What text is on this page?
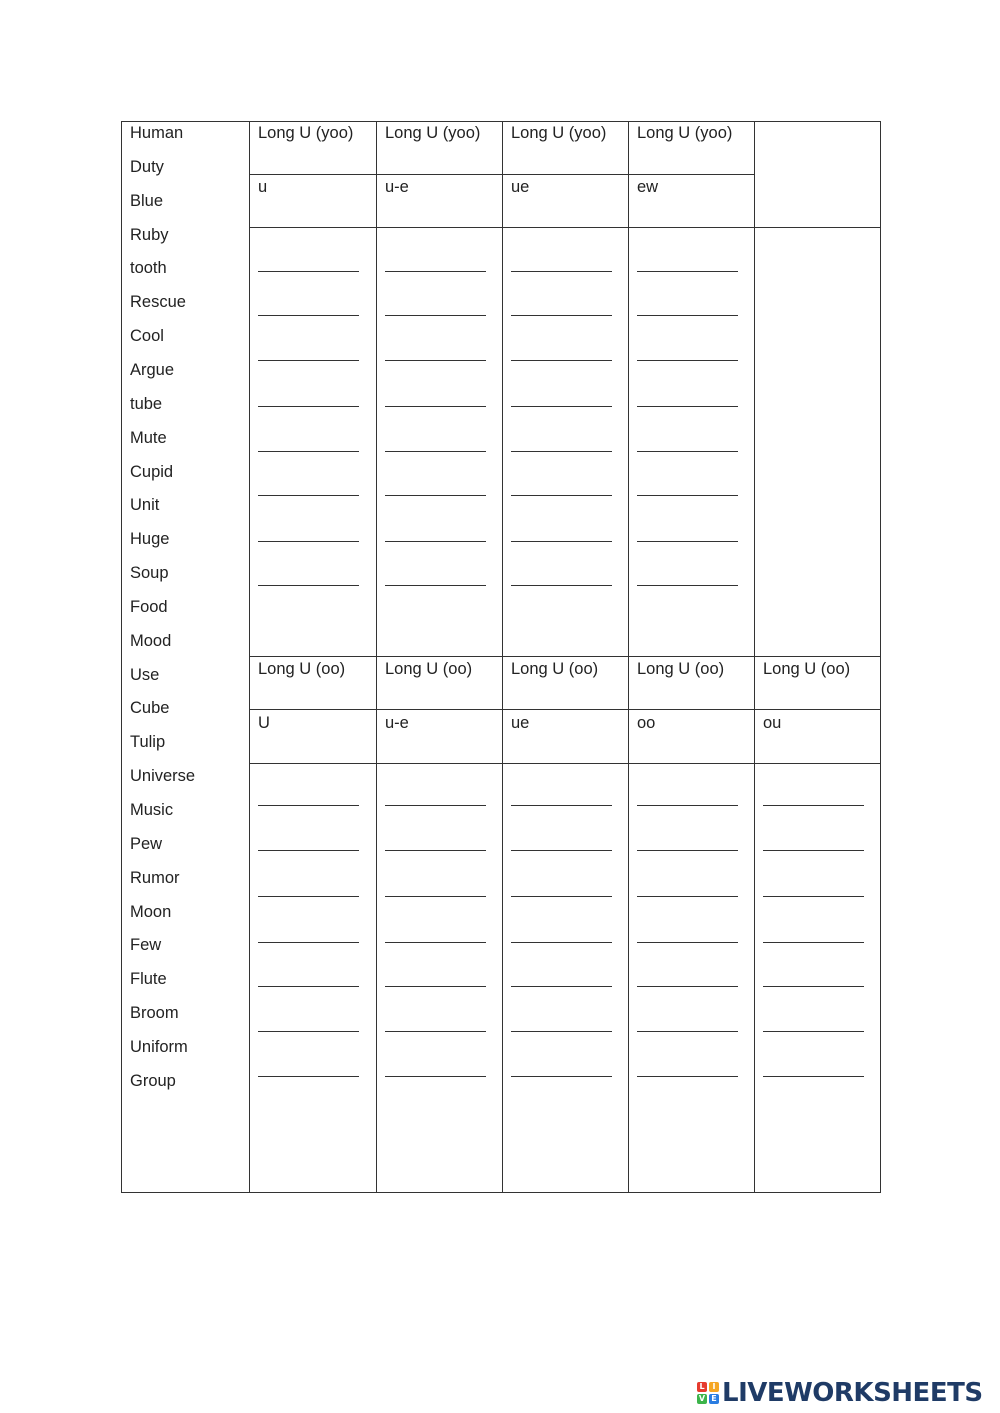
Human
Duty
Blue
Ruby
tooth
Rescue
Cool
Argue
tube
Mute
Cupid
Unit
Huge
Soup
Food
Mood
Use
Cube
Tulip
Universe
Music
Pew
Rumor
Moon
Few
Flute
Broom
Uniform
Group
Long U (yoo) Long U (yoo) Long U (yoo) Long U (yoo)
u	u-e	ue	ew
Long U (oo) Long U (oo) Long U (oo) Long U (oo) Long U (oo)
U	u-e	ue	oo	ou
L I
V E LIVEWORKSHEETS
